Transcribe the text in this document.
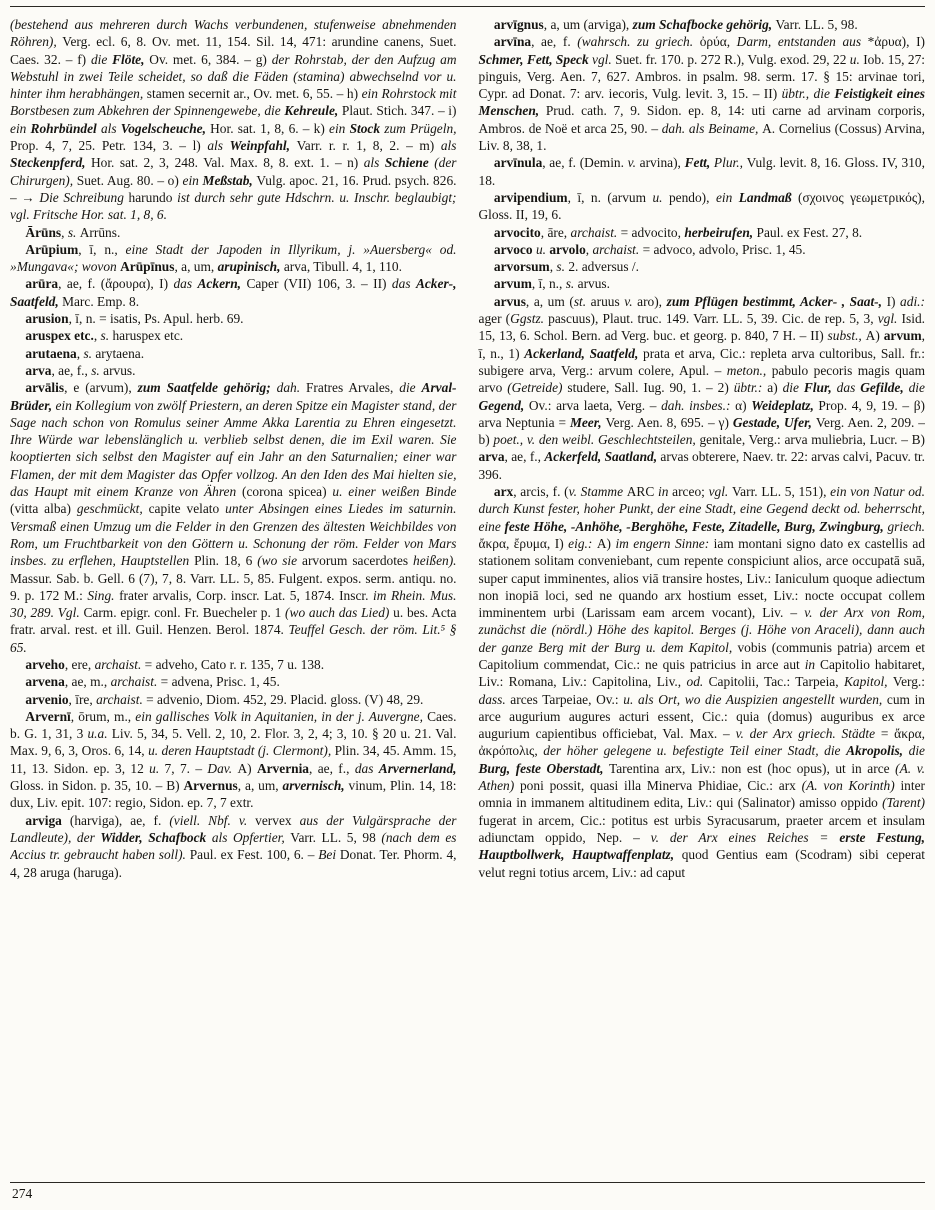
(bestehend aus mehreren durch Wachs verbundenen, stufenweise abnehmenden Röhren), Verg. ecl. 6, 8. Ov. met. 11, 154. Sil. 14, 471: arundine canens, Suet. Caes. 32. – f) die Flöte, Ov. met. 6, 384. – g) der Rohrstab, der den Aufzug am Webstuhl in zwei Teile scheidet, so daß die Fäden (stamina) abwechselnd vor u. hinter ihm herabhängen, stamen secernit ar., Ov. met. 6, 55. – h) ein Rohrstock mit Borstbesen zum Abkehren der Spinnengewebe, die Kehreule, Plaut. Stich. 347. – i) ein Rohrbündel als Vogelscheuche, Hor. sat. 1, 8, 6. – k) ein Stock zum Prügeln, Prop. 4, 7, 25. Petr. 134, 3. – l) als Weinpfahl, Varr. r. r. 1, 8, 2. – m) als Steckenpferd, Hor. sat. 2, 3, 248. Val. Max. 8, 8. ext. 1. – n) als Schiene (der Chirurgen), Suet. Aug. 80. – o) ein Meßstab, Vulg. apoc. 21, 16. Prud. psych. 826. – → Die Schreibung harundo ist durch sehr gute Hdschrn. u. Inschr. beglaubigt; vgl. Fritsche Hor. sat. 1, 8, 6.

Ārūns, s. Arrūns.

Arūpium, ī, n., eine Stadt der Japoden in Illyrikum, j. »Auersberg« od. »Mungava«; wovon Arūpīnus, a, um, arupinisch, arva, Tibull. 4, 1, 110.

arūra, ae, f. (ἄρουρα), I) das Ackern, Caper (VII) 106, 3. – II) das Acker-, Saatfeld, Marc. Emp. 8.

arusion, ī, n. = isatis, Ps. Apul. herb. 69.

aruspex etc., s. haruspex etc.

arutaena, s. arytaena.

arva, ae, f., s. arvus.

arvālis, e (arvum), zum Saatfelde gehörig; dah. Fratres Arvales, die Arval-Brüder, ein Kollegium von zwölf Priestern, an deren Spitze ein Magister stand, der Sage nach schon von Romulus seiner Amme Akka Larentia zu Ehren eingesetzt. Ihre Würde war lebenslänglich u. verblieb selbst denen, die im Exil waren. Sie kooptierten sich selbst den Magister auf ein Jahr an den Saturnalien; einer war Flamen, der mit dem Magister das Opfer vollzog. An den Iden des Mai hielten sie, das Haupt mit einem Kranze von Ähren (corona spicea) u. einer weißen Binde (vitta alba) geschmückt, capite velato unter Absingen eines Liedes im saturnin. Versmaß einen Umzug um die Felder in den Grenzen des ältesten Weichbildes von Rom, um Fruchtbarkeit von den Göttern u. Schonung der röm. Felder von Mars insbes. zu erflehen, Hauptstellen Plin. 18, 6 (wo sie arvorum sacerdotes heißen). Massur. Sab. b. Gell. 6 (7), 7, 8. Varr. LL. 5, 85. Fulgent. expos. serm. antiqu. no. 9. p. 172 M.: Sing. frater arvalis, Corp. inscr. Lat. 5, 1874. Inscr. im Rhein. Mus. 30, 289. Vgl. Carm. epigr. conl. Fr. Buecheler p. 1 (wo auch das Lied) u. bes. Acta fratr. arval. rest. et ill. Guil. Henzen. Berol. 1874. Teuffel Gesch. der röm. Lit.⁵ § 65.

arveho, ere, archaist. = adveho, Cato r. r. 135, 7 u. 138.

arvena, ae, m., archaist. = advena, Prisc. 1, 45.

arvenio, īre, archaist. = advenio, Diom. 452, 29. Placid. gloss. (V) 48, 29.

Arvernī, ōrum, m., ein gallisches Volk in Aquitanien, in der j. Auvergne, Caes. b. G. 1, 31, 3 u.a. Liv. 5, 34, 5. Vell. 2, 10, 2. Flor. 3, 2, 4; 3, 10. § 20 u. 21. Val. Max. 9, 6, 3, Oros. 6, 14, u. deren Hauptstadt (j. Clermont), Plin. 34, 45. Amm. 15, 11, 13. Sidon. ep. 3, 12 u. 7, 7. – Dav. A) Arvernia, ae, f., das Arvernerland, Gloss. in Sidon. p. 35, 10. – B) Arvernus, a, um, arvernisch, vinum, Plin. 14, 18: dux, Liv. epit. 107: regio, Sidon. ep. 7, 7 extr.

arviga (harviga), ae, f. (viell. Nbf. v. vervex aus der Vulgärsprache der Landleute), der Widder, Schafbock als Opfertier, Varr. LL. 5, 98 (nach dem es Accius tr. gebraucht haben soll). Paul. ex Fest. 100, 6. – Bei Donat. Ter. Phorm. 4, 4, 28 aruga (haruga).

arvīgnus, a, um (arviga), zum Schafbocke gehörig, Varr. LL. 5, 98.

arvīna, ae, f. (wahrsch. zu griech. ὀρύα, Darm, entstanden aus *ἀρυα), I) Schmer, Fett, Speck vgl. Suet. fr. 170. p. 272 R.), Vulg. exod. 29, 22 u. Iob. 15, 27: pinguis, Verg. Aen. 7, 627. Ambros. in psalm. 98. serm. 17. § 15: arvinae tori, Cypr. ad Donat. 7: arv. iecoris, Vulg. levit. 3, 15. – II) übtr., die Feistigkeit eines Menschen, Prud. cath. 7, 9. Sidon. ep. 8, 14: uti carne ad arvinam corporis, Ambros. de Noë et arca 25, 90. – dah. als Beiname, A. Cornelius (Cossus) Arvina, Liv. 8, 38, 1.

arvīnula, ae, f. (Demin. v. arvina), Fett, Plur., Vulg. levit. 8, 16. Gloss. IV, 310, 18.

arvipendium, ī, n. (arvum u. pendo), ein Landmaß (σχοινος γεωμετρικός), Gloss. II, 19, 6.

arvocito, āre, archaist. = advocito, herbeirufen, Paul. ex Fest. 27, 8.

arvoco u. arvolo, archaist. = advoco, advolo, Prisc. 1, 45.

arvorsum, s. 2. adversus /.

arvum, ī, n., s. arvus.

arvus, a, um (st. aruus v. aro), zum Pflügen bestimmt, Acker- , Saat-, I) adi.: ager (Ggstz. pascuus), Plaut. truc. 149. Varr. LL. 5, 39. Cic. de rep. 5, 3, vgl. Isid. 15, 13, 6. Schol. Bern. ad Verg. buc. et georg. p. 840, 7 H. – II) subst., A) arvum, ī, n., 1) Ackerland, Saatfeld, prata et arva, Cic.: repleta arva cultoribus, Sall. fr.: subigere arva, Verg.: arvum colere, Apul. – meton., pabulo pecoris magis quam arvo (Getreide) studere, Sall. Iug. 90, 1. – 2) übtr.: a) die Flur, das Gefilde, die Gegend, Ov.: arva laeta, Verg. – dah. insbes.: α) Weideplatz, Prop. 4, 9, 19. – β) arva Neptunia = Meer, Verg. Aen. 8, 695. – γ) Gestade, Ufer, Verg. Aen. 2, 209. – b) poet., v. den weibl. Geschlechtsteilen, genitale, Verg.: arva muliebria, Lucr. – B) arva, ae, f., Ackerfeld, Saatland, arvas obterere, Naev. tr. 22: arvas calvi, Pacuv. tr. 396.

arx, arcis, f. (v. Stamme ARC in arceo; vgl. Varr. LL. 5, 151), ein von Natur od. durch Kunst fester, hoher Punkt, der eine Stadt, eine Gegend deckt od. beherrscht, eine feste Höhe, -Anhöhe, -Berghöhe, Feste, Zitadelle, Burg, Zwingburg, griech. ἄκρα, ἔρυμα, I) eig.: A) im engern Sinne: iam montani signo dato ex castellis ad stationem solitam conveniebant, cum repente conspiciunt alios, arce occupatā suā, super caput imminentes, alios viā transire hostes, Liv.: Ianiculum quoque adiectum non inopiā loci, sed ne quando arx hostium esset, Liv.: nocte occupat collem imminentem urbi (Larissam eam arcem vocant), Liv. – v. der Arx von Rom, zunächst die (nördl.) Höhe des kapitol. Berges (j. Höhe von Araceli), dann auch der ganze Berg mit der Burg u. dem Kapitol, vobis (communis patria) arcem et Capitolium commendat, Cic.: ne quis patricius in arce aut in Capitolio habitaret, Liv.: Romana, Liv.: Capitolina, Liv., od. Capitolii, Tac.: Tarpeia, Kapitol, Verg.: dass. arces Tarpeiae, Ov.: u. als Ort, wo die Auspizien angestellt wurden, cum in arce augurium augures acturi essent, Cic.: quia (domus) auguribus ex arce augurium capientibus officiebat, Val. Max. – v. der Arx griech. Städte = ἄκρα, ἀκρόπολις, der höher gelegene u. befestigte Teil einer Stadt, die Akropolis, die Burg, feste Oberstadt, Tarentina arx, Liv.: non est (hoc opus), ut in arce (A. v. Athen) poni possit, quasi illa Minerva Phidiae, Cic.: arx (A. von Korinth) inter omnia in immanem altitudinem edita, Liv.: qui (Salinator) amisso oppido (Tarent) fugerat in arcem, Cic.: potitus est urbis Syracusarum, praeter arcem et insulam adiunctam oppido, Nep. – v. der Arx eines Reiches = erste Festung, Hauptbollwerk, Hauptwaffenplatz, quod Gentius eam (Scodram) sibi ceperat velut regni totius arcem, Liv.: ad caput

274
